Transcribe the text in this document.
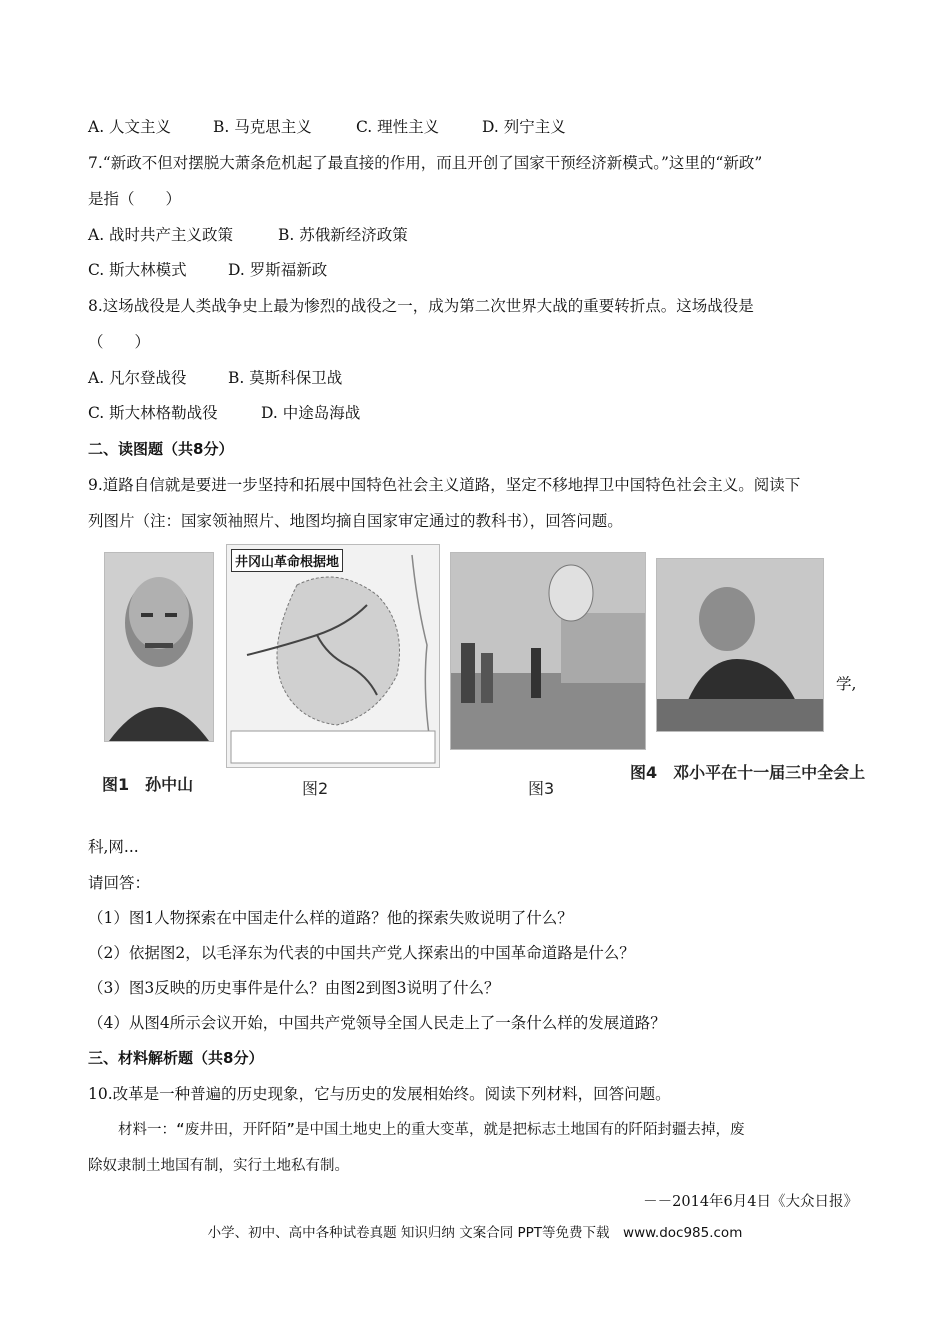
A. 人文主义	B. 马克思主义	C. 理性主义	D. 列宁主义
7.“新政不但对摆脱大萧条危机起了最直接的作用，而且开创了国家干预经济新模式。”这里的“新政”
是指（　　）
A. 战时共产主义政策	B. 苏俄新经济政策
C. 斯大林模式	D. 罗斯福新政
8.这场战役是人类战争史上最为惨烈的战役之一，成为第二次世界大战的重要转折点。这场战役是
（　　）
A. 凡尔登战役	B. 莫斯科保卫战
C. 斯大林格勒战役	D. 中途岛海战
二、读图题（共8分）
9.道路自信就是要进一步坚持和拓展中国特色社会主义道路，坚定不移地捍卫中国特色社会主义。阅读下
列图片（注：国家领袖照片、地图均摘自国家审定通过的教科书），回答问题。
图1　孙中山
井冈山革命根据地
图2	图3
图4　邓小平在十一届三中全会上
学,
科,网...
请回答：
（1）图1人物探索在中国走什么样的道路？他的探索失败说明了什么？
（2）依据图2，以毛泽东为代表的中国共产党人探索出的中国革命道路是什么？
（3）图3反映的历史事件是什么？由图2到图3说明了什么？
（4）从图4所示会议开始，中国共产党领导全国人民走上了一条什么样的发展道路？
三、材料解析题（共8分）
10.改革是一种普遍的历史现象，它与历史的发展相始终。阅读下列材料，回答问题。
材料一：“废井田，开阡陌”是中国土地史上的重大变革，就是把标志土地国有的阡陌封疆去掉，废
除奴隶制土地国有制，实行土地私有制。
－－2014年6月4日《大众日报》
小学、初中、高中各种试卷真题 知识归纳 文案合同 PPT等免费下载　www.doc985.com
